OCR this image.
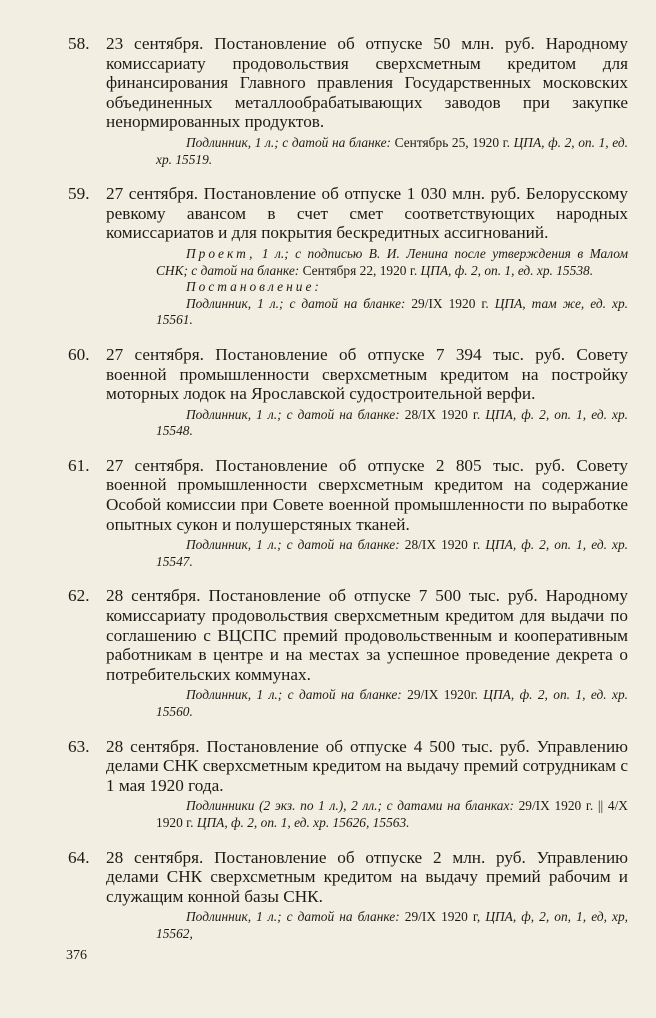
58. 23 сентября. Постановление об отпуске 50 млн. руб. Народному комиссариату продовольствия сверхсметным кредитом для финансирования Главного правления Государственных московских объединенных металлообрабатывающих заводов при закупке ненормированных продуктов.
Подлинник, 1 л.; с датой на бланке: Сентябрь 25, 1920 г. ЦПА, ф. 2, оп. 1, ед. хр. 15519.
59. 27 сентября. Постановление об отпуске 1 030 млн. руб. Белорусскому ревкому авансом в счет смет соответствующих народных комиссариатов и для покрытия бескредитных ассигнований.
Проект, 1 л.; с подписью В. И. Ленина после утверждения в Малом СНК; с датой на бланке: Сентября 22, 1920 г. ЦПА, ф. 2, оп. 1, ед. хр. 15538.
Постановление:
Подлинник, 1 л.; с датой на бланке: 29/IX 1920 г. ЦПА, там же, ед. хр. 15561.
60. 27 сентября. Постановление об отпуске 7 394 тыс. руб. Совету военной промышленности сверхсметным кредитом на постройку моторных лодок на Ярославской судостроительной верфи.
Подлинник, 1 л.; с датой на бланке: 28/IX 1920 г. ЦПА, ф. 2, оп. 1, ед. хр. 15548.
61. 27 сентября. Постановление об отпуске 2 805 тыс. руб. Совету военной промышленности сверхсметным кредитом на содержание Особой комиссии при Совете военной промышленности по выработке опытных сукон и полушерстяных тканей.
Подлинник, 1 л.; с датой на бланке: 28/IX 1920 г. ЦПА, ф. 2, оп. 1, ед. хр. 15547.
62. 28 сентября. Постановление об отпуске 7 500 тыс. руб. Народному комиссариату продовольствия сверхсметным кредитом для выдачи по соглашению с ВЦСПС премий продовольственным и кооперативным работникам в центре и на местах за успешное проведение декрета о потребительских коммунах.
Подлинник, 1 л.; с датой на бланке: 29/IX 1920г. ЦПА, ф. 2, оп. 1, ед. хр. 15560.
63. 28 сентября. Постановление об отпуске 4 500 тыс. руб. Управлению делами СНК сверхсметным кредитом на выдачу премий сотрудникам с 1 мая 1920 года.
Подлинники (2 экз. по 1 л.), 2 лл.; с датами на бланках: 29/IX 1920 г. || 4/X 1920 г. ЦПА, ф. 2, оп. 1, ед. хр. 15626, 15563.
64. 28 сентября. Постановление об отпуске 2 млн. руб. Управлению делами СНК сверхсметным кредитом на выдачу премий рабочим и служащим конной базы СНК.
Подлинник, 1 л.; с датой на бланке: 29/IX 1920 г, ЦПА, ф, 2, оп, 1, ед, хр, 15562,
376
